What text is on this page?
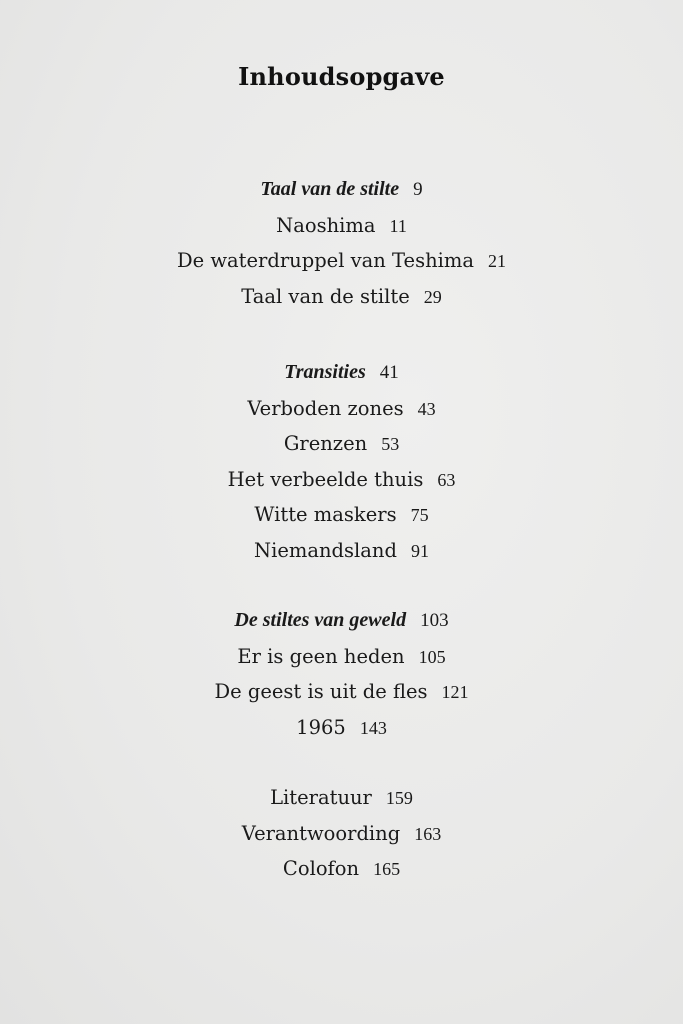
Inhoudsopgave
Taal van de stilte 9
Naoshima 11
De waterdruppel van Teshima 21
Taal van de stilte 29
Transities 41
Verboden zones 43
Grenzen 53
Het verbeelde thuis 63
Witte maskers 75
Niemandsland 91
De stiltes van geweld 103
Er is geen heden 105
De geest is uit de fles 121
1965 143
Literatuur 159
Verantwoording 163
Colofon 165
